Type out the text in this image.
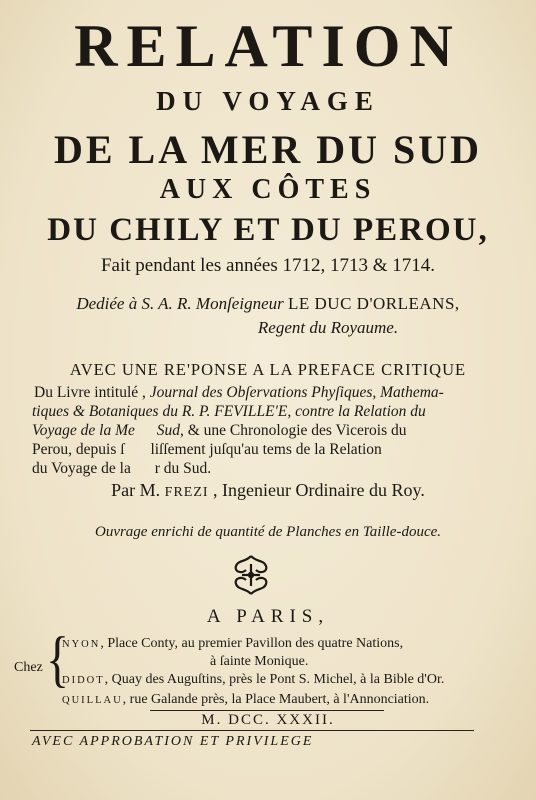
RELATION
DU VOYAGE
DE LA MER DU SUD
AUX CÔTES
DU CHILY ET DU PEROU,
Fait pendant les années 1712, 1713 & 1714.
Dediée à S. A. R. Monſeigneur LE DUC D'ORLEANS,
Regent du Royaume.
AVEC UNE RE'PONSE A LA PREFACE CRITIQUE
Du Livre intitulé , Journal des Obſervations Phyſiques, Mathema-
tiques & Botaniques du R. P. FEVILLE'E, contre la Relation du
Voyage de la Me Sud, & une Chronologie des Vicerois du
Perou, depuis ſ liſſement juſqu'au tems de la Relation
du Voyage de la r du Sud.
Par M. FREZI , Ingenieur Ordinaire du Roy.
Ouvrage enrichi de quantité de Planches en Taille-douce.
A PARIS,
Chez {
NYON, Place Conty, au premier Pavillon des quatre Nations,
à ſainte Monique.
DIDOT, Quay des Auguſtins, près le Pont S. Michel, à la Bible d'Or.
QUILLAU, rue Galande près, la Place Maubert, à l'Annonciation.
M. DCC. XXXII.
AVEC APPROBATION ET PRIVILEGE
